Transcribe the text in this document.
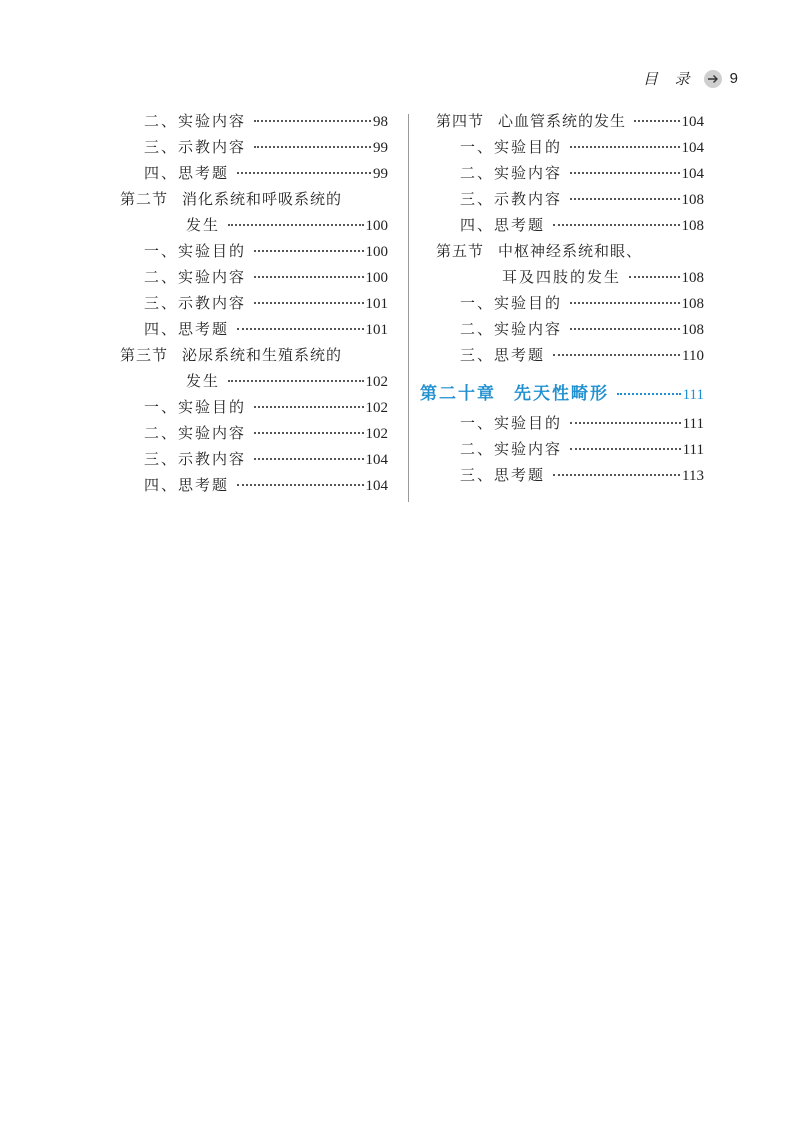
目 录 9
二、实验内容	98
三、示教内容	99
四、思考题	99
第二节 消化系统和呼吸系统的
发生	100
一、实验目的	100
二、实验内容	100
三、示教内容	101
四、思考题	101
第三节 泌尿系统和生殖系统的
发生	102
一、实验目的	102
二、实验内容	102
三、示教内容	104
四、思考题	104
第四节 心血管系统的发生	104
一、实验目的	104
二、实验内容	104
三、示教内容	108
四、思考题	108
第五节 中枢神经系统和眼、
耳及四肢的发生	108
一、实验目的	108
二、实验内容	108
三、思考题	110
第二十章 先天性畸形	111
一、实验目的	111
二、实验内容	111
三、思考题	113
